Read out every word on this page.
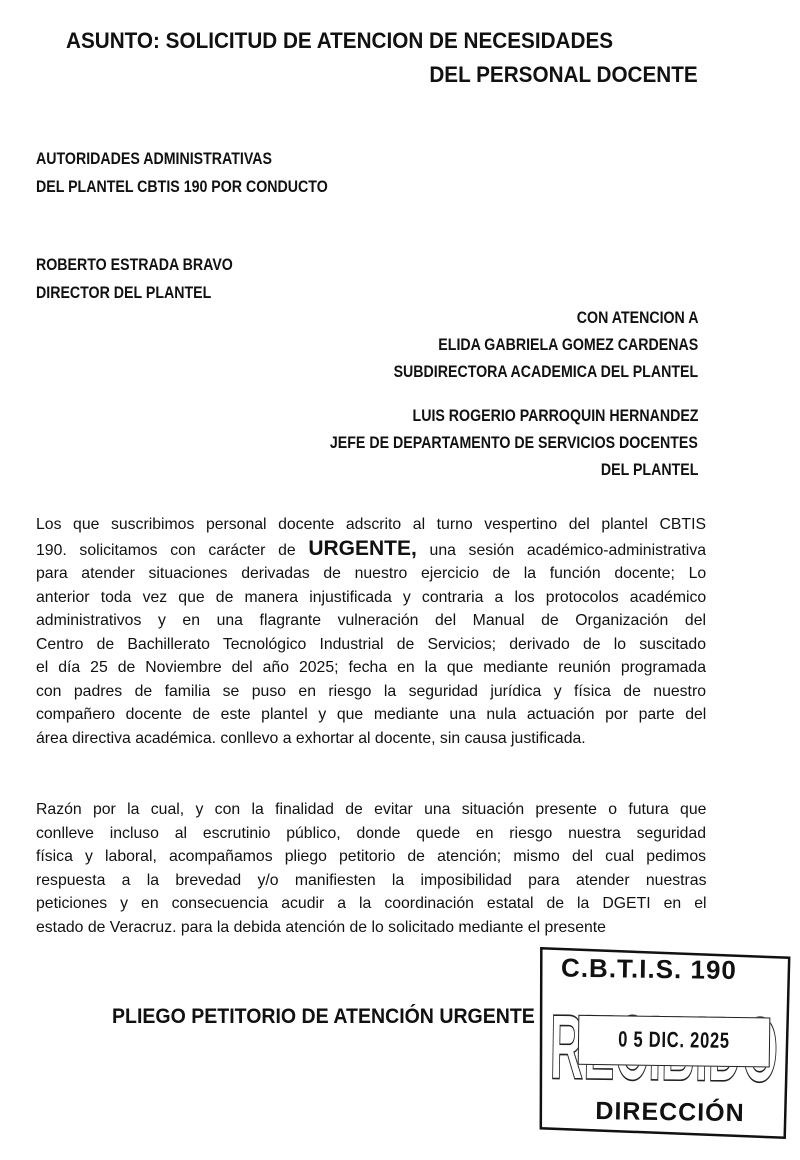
ASUNTO: SOLICITUD DE ATENCION DE NECESIDADES
DEL PERSONAL DOCENTE
AUTORIDADES ADMINISTRATIVAS
DEL PLANTEL CBTIS 190 POR CONDUCTO
ROBERTO ESTRADA BRAVO
DIRECTOR DEL PLANTEL
CON ATENCION A
ELIDA GABRIELA GOMEZ CARDENAS
SUBDIRECTORA ACADEMICA DEL PLANTEL
LUIS ROGERIO PARROQUIN HERNANDEZ
JEFE DE DEPARTAMENTO DE SERVICIOS DOCENTES
DEL PLANTEL
Los que suscribimos personal docente adscrito al turno vespertino del plantel CBTIS
190. solicitamos con carácter de URGENTE, una sesión académico-administrativa
para atender situaciones derivadas de nuestro ejercicio de la función docente; Lo
anterior toda vez que de manera injustificada y contraria a los protocolos académico
administrativos y en una flagrante vulneración del Manual de Organización del
Centro de Bachillerato Tecnológico Industrial de Servicios; derivado de lo suscitado
el día 25 de Noviembre del año 2025; fecha en la que mediante reunión programada
con padres de familia se puso en riesgo la seguridad jurídica y física de nuestro
compañero docente de este plantel y que mediante una nula actuación por parte del
área directiva académica. conllevo a exhortar al docente, sin causa justificada.
Razón por la cual, y con la finalidad de evitar una situación presente o futura que
conlleve incluso al escrutinio público, donde quede en riesgo nuestra seguridad
física y laboral, acompañamos pliego petitorio de atención; mismo del cual pedimos
respuesta a la brevedad y/o manifiesten la imposibilidad para atender nuestras
peticiones y en consecuencia acudir a la coordinación estatal de la DGETI en el
estado de Veracruz. para la debida atención de lo solicitado mediante el presente
PLIEGO PETITORIO DE ATENCIÓN URGENTE
C.B.T.I.S. 190
0 5 DIC. 2025
DIRECCIÓN
